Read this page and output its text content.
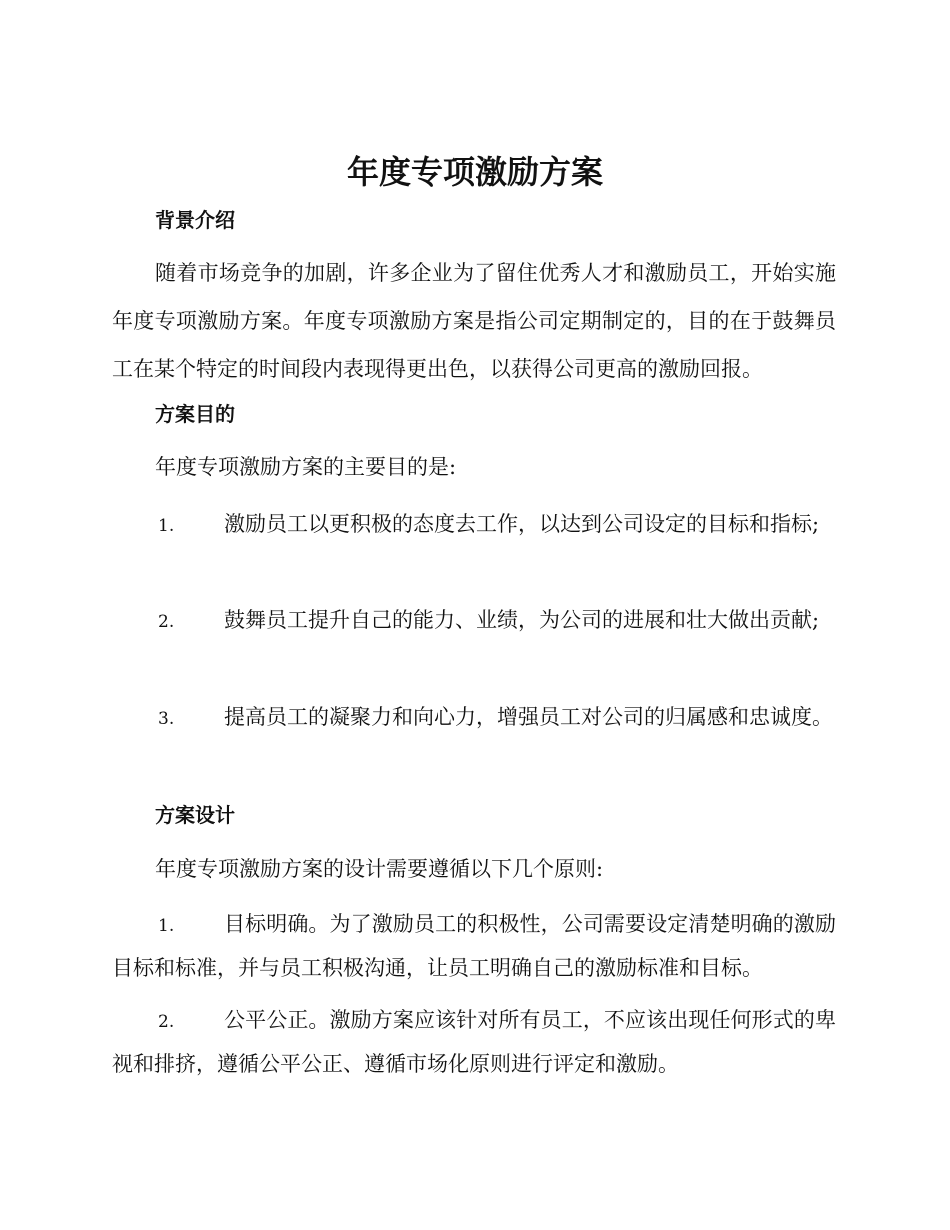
年度专项激励方案
背景介绍

随着市场竞争的加剧，许多企业为了留住优秀人才和激励员工，开始实施年度专项激励方案。年度专项激励方案是指公司定期制定的，目的在于鼓舞员工在某个特定的时间段内表现得更出色，以获得公司更高的激励回报。

方案目的

年度专项激励方案的主要目的是:

1.	激励员工以更积极的态度去工作，以达到公司设定的目标和指标;
2.	鼓舞员工提升自己的能力、业绩，为公司的进展和壮大做出贡献;
3.	提高员工的凝聚力和向心力，增强员工对公司的归属感和忠诚度。
方案设计

年度专项激励方案的设计需要遵循以下几个原则:

1.	目标明确。为了激励员工的积极性，公司需要设定清楚明确的激励目标和标准，并与员工积极沟通，让员工明确自己的激励标准和目标。
2.	公平公正。激励方案应该针对所有员工，不应该出现任何形式的卑视和排挤，遵循公平公正、遵循市场化原则进行评定和激励。
